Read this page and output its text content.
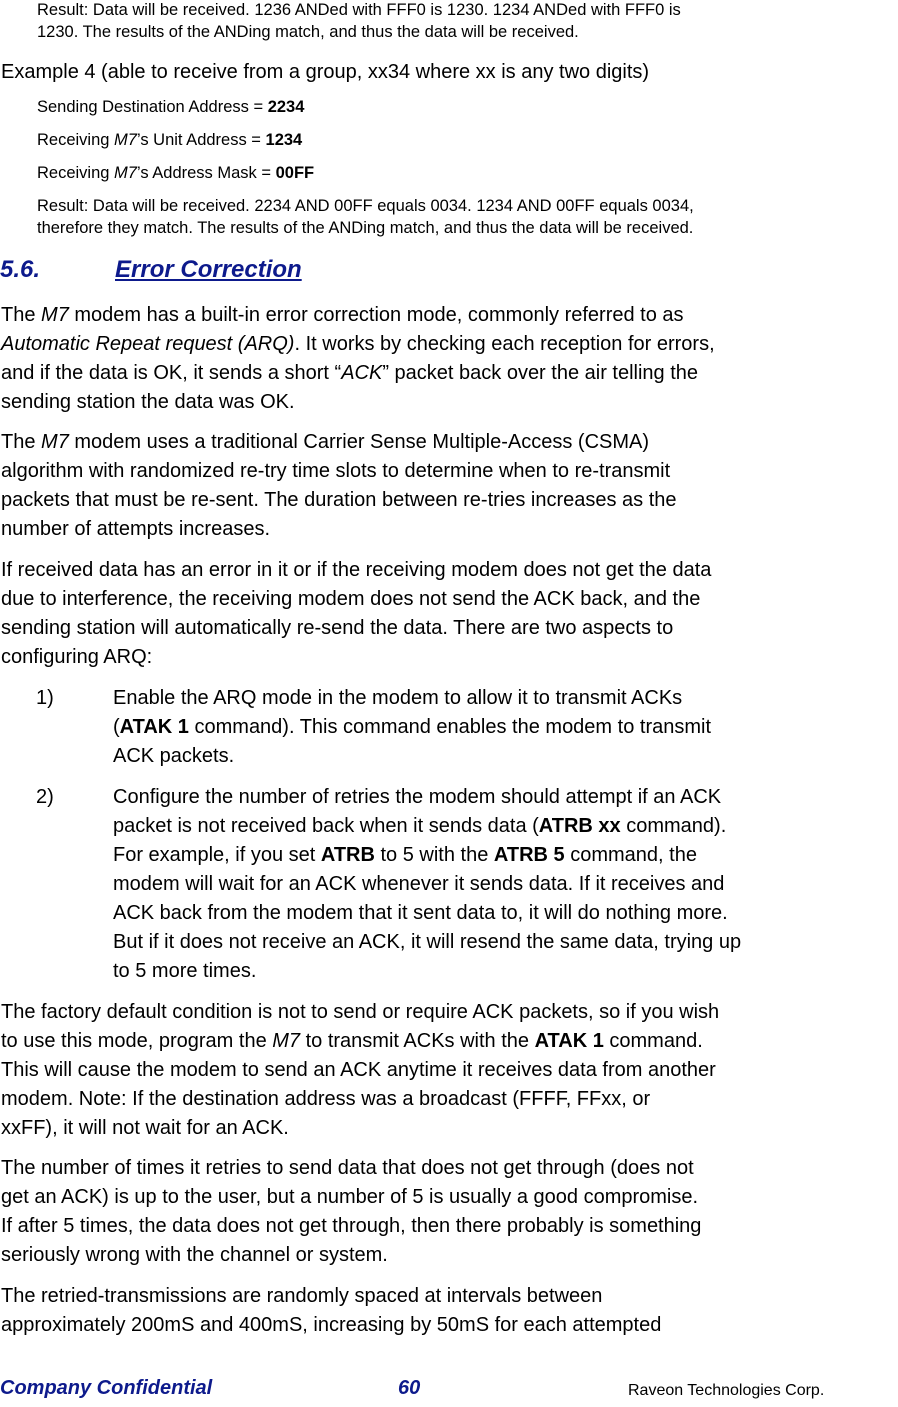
Result: Data will be received. 1236 ANDed with FFF0 is 1230. 1234 ANDed with FFF0 is
1230. The results of the ANDing match, and thus the data will be received.
Example 4 (able to receive from a group, xx34 where xx is any two digits)
Sending Destination Address = 2234
Receiving M7’s Unit Address = 1234
Receiving M7’s Address Mask = 00FF
Result: Data will be received. 2234 AND 00FF equals 0034. 1234 AND 00FF equals 0034,
therefore they match. The results of the ANDing match, and thus the data will be received.
5.6.	Error Correction
The M7 modem has a built-in error correction mode, commonly referred to as
Automatic Repeat request (ARQ). It works by checking each reception for errors,
and if the data is OK, it sends a short “ACK” packet back over the air telling the
sending station the data was OK.
The M7 modem uses a traditional Carrier Sense Multiple-Access (CSMA)
algorithm with randomized re-try time slots to determine when to re-transmit
packets that must be re-sent. The duration between re-tries increases as the
number of attempts increases.
If received data has an error in it or if the receiving modem does not get the data
due to interference, the receiving modem does not send the ACK back, and the
sending station will automatically re-send the data. There are two aspects to
configuring ARQ:
1)	Enable the ARQ mode in the modem to allow it to transmit ACKs
(ATAK 1 command). This command enables the modem to transmit
ACK packets.
2)	Configure the number of retries the modem should attempt if an ACK
packet is not received back when it sends data (ATRB xx command).
For example, if you set ATRB to 5 with the ATRB 5 command, the
modem will wait for an ACK whenever it sends data. If it receives and
ACK back from the modem that it sent data to, it will do nothing more.
But if it does not receive an ACK, it will resend the same data, trying up
to 5 more times.
The factory default condition is not to send or require ACK packets, so if you wish
to use this mode, program the M7 to transmit ACKs with the ATAK 1 command.
This will cause the modem to send an ACK anytime it receives data from another
modem. Note: If the destination address was a broadcast (FFFF, FFxx, or
xxFF), it will not wait for an ACK.
The number of times it retries to send data that does not get through (does not
get an ACK) is up to the user, but a number of 5 is usually a good compromise.
If after 5 times, the data does not get through, then there probably is something
seriously wrong with the channel or system.
The retried-transmissions are randomly spaced at intervals between
approximately 200mS and 400mS, increasing by 50mS for each attempted
Company Confidential	60	Raveon Technologies Corp.
